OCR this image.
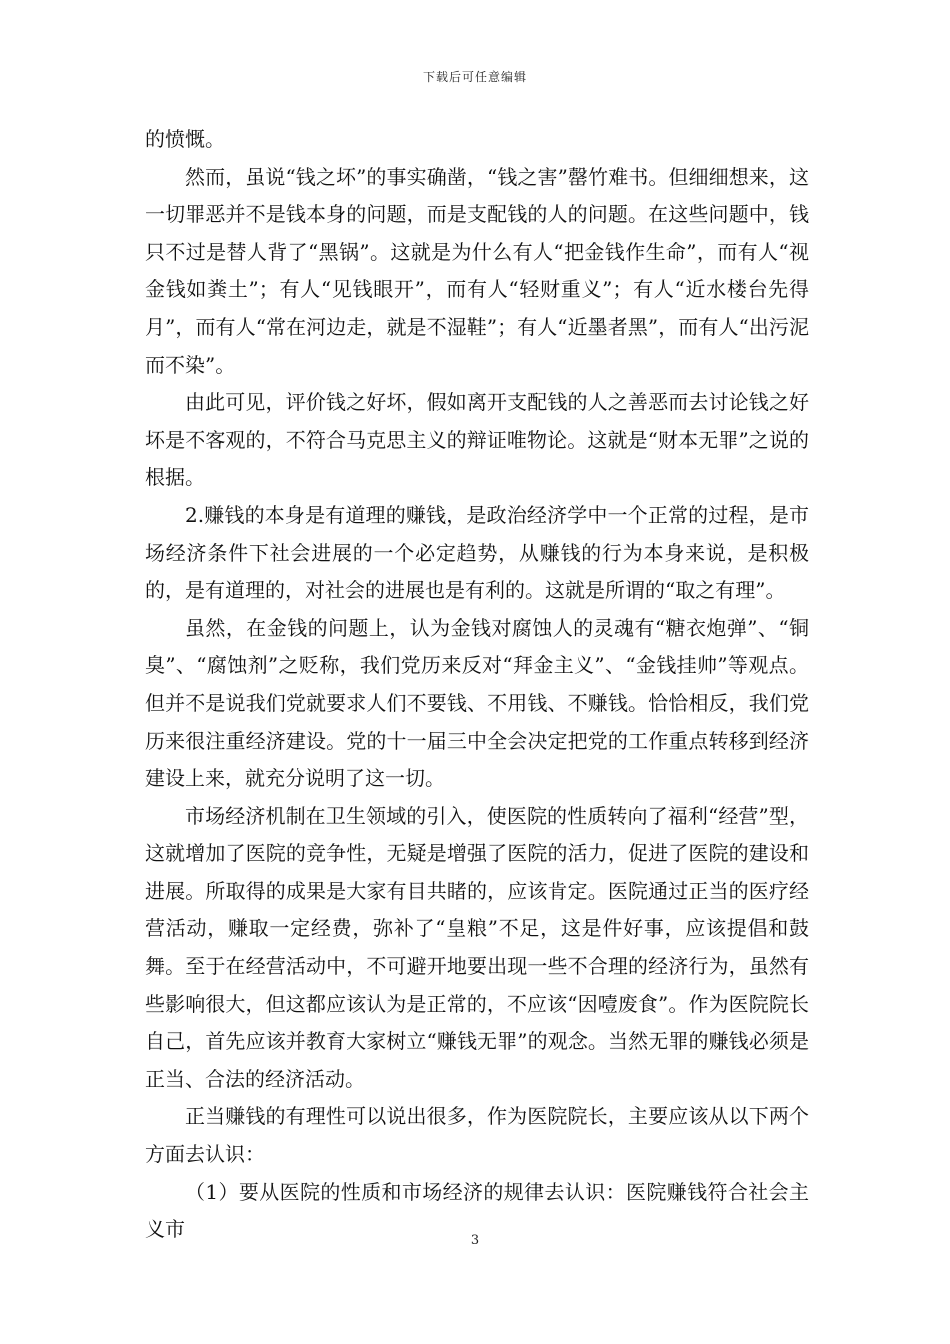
下载后可任意编辑

的愤慨。

然而，虽说“钱之坏”的事实确凿，“钱之害”罄竹难书。但细细想来，这一切罪恶并不是钱本身的问题，而是支配钱的人的问题。在这些问题中，钱只不过是替人背了“黑锅”。这就是为什么有人“把金钱作生命”，而有人“视金钱如粪土”；有人“见钱眼开”，而有人“轻财重义”；有人“近水楼台先得月”，而有人“常在河边走，就是不湿鞋”；有人“近墨者黑”，而有人“出污泥而不染”。

由此可见，评价钱之好坏，假如离开支配钱的人之善恶而去讨论钱之好坏是不客观的，不符合马克思主义的辩证唯物论。这就是“财本无罪”之说的根据。

2.赚钱的本身是有道理的赚钱，是政治经济学中一个正常的过程，是市场经济条件下社会进展的一个必定趋势，从赚钱的行为本身来说，是积极的，是有道理的，对社会的进展也是有利的。这就是所谓的“取之有理”。

虽然，在金钱的问题上，认为金钱对腐蚀人的灵魂有“糖衣炮弹”、“铜臭”、“腐蚀剂”之贬称，我们党历来反对“拜金主义”、“金钱挂帅”等观点。但并不是说我们党就要求人们不要钱、不用钱、不赚钱。恰恰相反，我们党历来很注重经济建设。党的十一届三中全会决定把党的工作重点转移到经济建设上来，就充分说明了这一切。

市场经济机制在卫生领域的引入，使医院的性质转向了福利“经营”型，这就增加了医院的竞争性，无疑是增强了医院的活力，促进了医院的建设和进展。所取得的成果是大家有目共睹的，应该肯定。医院通过正当的医疗经营活动，赚取一定经费，弥补了“皇粮”不足，这是件好事，应该提倡和鼓舞。至于在经营活动中，不可避开地要出现一些不合理的经济行为，虽然有些影响很大，但这都应该认为是正常的，不应该“因噎废食”。作为医院院长自己，首先应该并教育大家树立“赚钱无罪”的观念。当然无罪的赚钱必须是正当、合法的经济活动。

正当赚钱的有理性可以说出很多，作为医院院长，主要应该从以下两个方面去认识：

（1）要从医院的性质和市场经济的规律去认识：医院赚钱符合社会主义市	3
